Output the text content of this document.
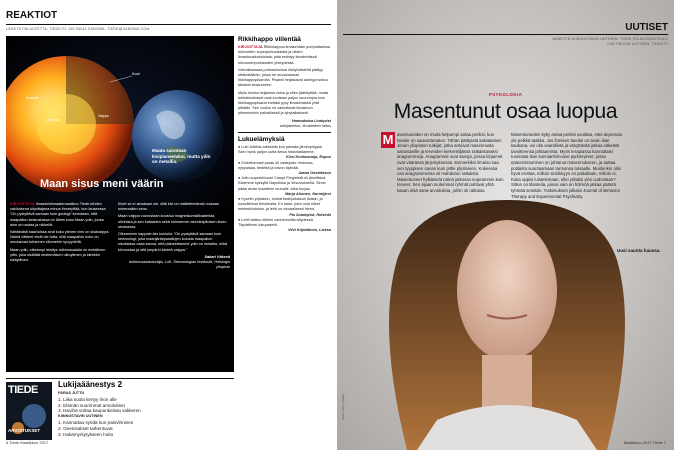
REAKTIOT
LÄHETÄ PALAUTETTA: TIEDE PL 100 00040 SANOMA, TIEDE@SANOMA.COM
Sisäydin
Ulkoydin
Vaippa
Kuori
Maata sanotaan kiviplaneetaksi, mutta ydin on metallia.
Maan sisus meni väärin

KIRJOITTAJA Ilmastointimaatemaatikon Tiede-lehden vakituisena kirjoittajana minua ihmetyttää, kun lauseessa ”On pystyttävä samaan kuin geologi” kerrotaan, että maapallon keskustassa on lähes koko Maan ydin, jonka aine on rautaa ja nikkeliä.

Nähtävästi kaavioissa sinä koko ytimen nimi on sisävaippa. Nämä väitteet eivät ole totta, sillä maapallon koko on muutaman tuhannen kilometrin syvyydellä.

Maan ydin, oikeampi nimitys tutkimusalalla on metallinen ydin, joka sisältää nestemäisen ulkoytimen ja kiinteän sisäytimen.

Kivet se ei ainakaan ole, sillä kivi on määritelmänsä mukaan mineraalien seos.

Maan vaippa vuorostaan koostuu magnesiumsilikaateista, olivinista ja sen kaltaisten sekä kolmannen alumiinipitoisen kiven seoksesta.

Oikeammin kappale siis kuuluisi: ”On pystyttävä samaan kuin seismologi, joka maanjäristysaaltojen kulusta maapallon sisuksissa osaa sanoa, että planeettamme ydin on metallia, mikä kiinnostaa ja sitä ympäröi kiinteä vaippa.”

Sakari Väkevä
tutkimusasiantuntija, LuK, Seismologian instituutti, Helsingin yliopisto

Rikkihappo viilentää

KIRJOITTAJA Rikkihappoa ilmakehään pumpattaessa tulivuorten superpurkauksista ja niiden ilmastovaikutuksista, joita esiintyy ilmakehässä tulivuorenpurkausten yhteydessä.

Voimakkaassa purkauksessa rikkiyhdisteitä päätyy stratosfääriin, jossa ne muodostavat rikkihappopisaroita. Pisarat heijastavat auringonvaloa takaisin avaruuteen.

Myös turkka heijastaa valoa ja siten jäähdyttää, mutta tuhkahiukkaset ovat kooltaan paljon suurempia kuin rikkihappopisarat eivätkä pysy ilmakehässä yhtä pitkään. Sen vuoksi ne vaikuttavat ilmastoon pikemminkin paikallisesti ja lyhytaikaisesti.

Hannakaisa Lindqvist
tutkijatohtori, Ilmatieteen laitos

Lukuelämyksiä

● Luin toivihia-artikkelia kun parasta järvimyrkyjaa. Sain myös paljon uutta tietoa historiastamme.

Kirsi Konkuanoja, Espoo

● Ehdottomasti paras oli valasjuttu: historiaa, nykyaikaa, tiedettä ja toivon kipinää.

Jaana Gustafsson

● Juttu supertulivuori Campi Flegreistä oli jännittävä. Kävimme syksyllä Napolissa ja Vesuviuksella. Sinne pääsi aivan kraatterin reunalle. Aika hurjaa.

Marja Ahonen, Nurmijärvi

● Kyselin yöjatsein, minkä tiedejulkaisun lisäsin, ja suosittelivat tehokkaita. En kadu: jutut ovat olleet mielenkiintoisia, ja lehti on visuaalisesti hieno.

Pia Sundqvist, Helsinki

● Lehti tarttuu kiileen vanhemmilla käydessä. Täydellinen lukupaketti.

Viivi Kilpeläinen, Lieksa

TIEDE
ARVOITUKSET
Lukijaäänestys 2
PARAS JUTTU
1. Liika suola kertyy ihon alle
2. Elämän suurimmat arvoitukset
3. Isovihä vottaa kaupunkeissa vakkeren
KIINNOSTAVIN UUTINEN
1. Kannattaa syödä kun palovihninen
2. Geenisakset tarkentuvat
3. Hakämyrkytykseen hoito
6 Tiede Maalikkuu 2017
UUTISET
ÄÄNESTÄ KIINNOSTAVIN UUTINEN: TIEDE.FI/LUKIJAKILPAILU
LUE PÄIVÄN UUTINEN: TIEDE.FI
PSYKOLOGIA
Masentunut osaa luopua
M asentuneiden on muita helpompi antaa periksi, kun tavoite on saavuttamaton. Tähän päätyivät saksalaisen Jenan yliopiston tutkijat, jotka antoivat masennusta sairastaville ja terveiden kiekenkiljässä ratkaistavaksi anagrammeja. Anagrammit ovat sanoja, joissa kirjaimet ovat väärässä järjestyksessä. Esimerkiksi ilmaisu saa sen tyyppisen sanan kuin pölle plysteinen. Kokeessa osa anagrammeista oli mahdoton ratkaista. Masentuneet hylkäsivät nämä jatkossa nopeammin kuin terveet. Sen sijaan molemmat ryhmät pohtivat yhtä kauan niitä sana-arvoituksia, joihin oli ratkaisu.
Masentuneiden kyky antaa periksi osoittaa, ettei depressio ole pelkkä taakka. Jos ihmisen tavoite on aivan liian kaukana, voi olla vaarallista ja väsyttävää jatkaa sitkeästi tavoitteensa jahtaamista. Myös terapiassa kannattaisi tunnistaa liian kunnianhimoiset pyrkimykset, jossa epäonnistuminen on johtanut masennukseen, ja auttaa potilasta suuntaamaan tarmonsa toisaalle. Muidenkin olisi hyvä erottaa, milloin sinnikkyys on paikallaan, milloin ei. Kuka oppisi luistelemaan, ellei yrittäisi ylös uudestaan? Sitten on tilanteita, joissa vain on hölmöä jatkaa pääntä tyhmää seinään. Tutkimuksen julkaisi Journal of Behavior Therapy and Experimental Psychiatry.
Uusi saunta haussa.
Kuva: Getty Images
Maalikkuu 2017 Tiede 7
